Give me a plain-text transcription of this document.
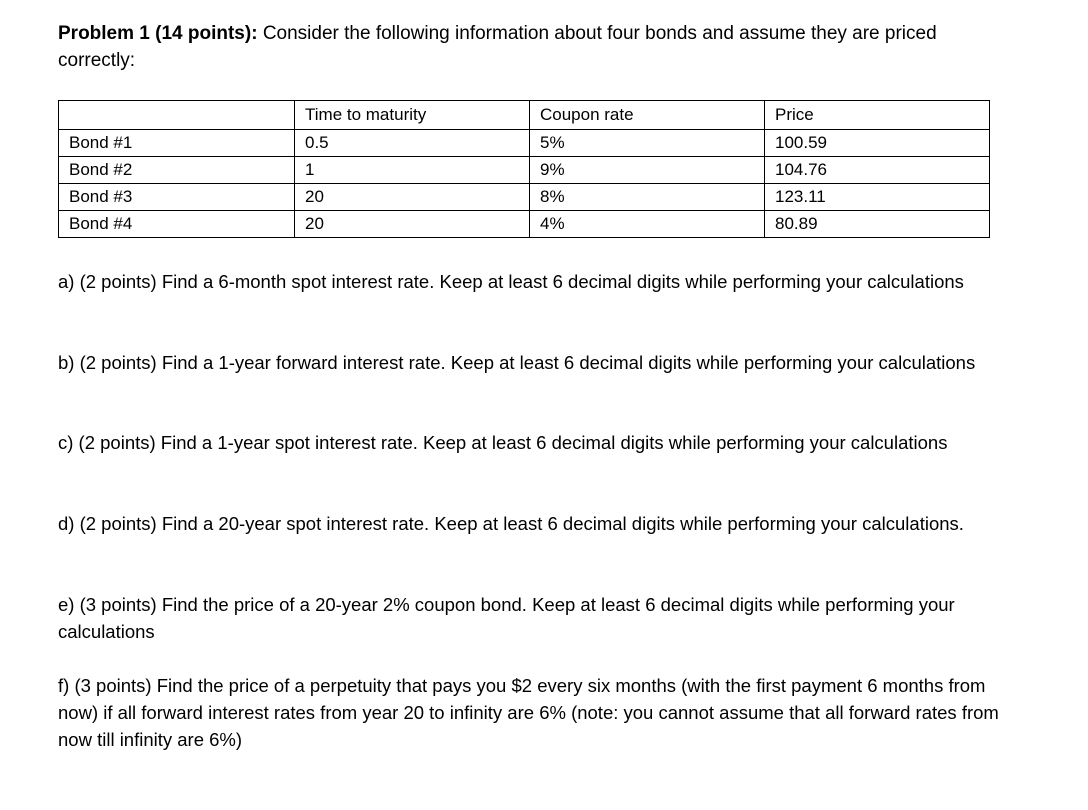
Problem 1 (14 points): Consider the following information about four bonds and assume they are priced correctly:
	Time to maturity	Coupon rate	Price
Bond #1	0.5	5%	100.59
Bond #2	1	9%	104.76
Bond #3	20	8%	123.11
Bond #4	20	4%	80.89
a) (2 points) Find a 6-month spot interest rate. Keep at least 6 decimal digits while performing your calculations
b) (2 points) Find a 1-year forward interest rate. Keep at least 6 decimal digits while performing your calculations
c) (2 points) Find a 1-year spot interest rate. Keep at least 6 decimal digits while performing your calculations
d) (2 points) Find a 20-year spot interest rate. Keep at least 6 decimal digits while performing your calculations.
e) (3 points) Find the price of a 20-year 2% coupon bond. Keep at least 6 decimal digits while performing your calculations
f) (3 points) Find the price of a perpetuity that pays you $2 every six months (with the first payment 6 months from now) if all forward interest rates from year 20 to infinity are 6% (note: you cannot assume that all forward rates from now till infinity are 6%)
